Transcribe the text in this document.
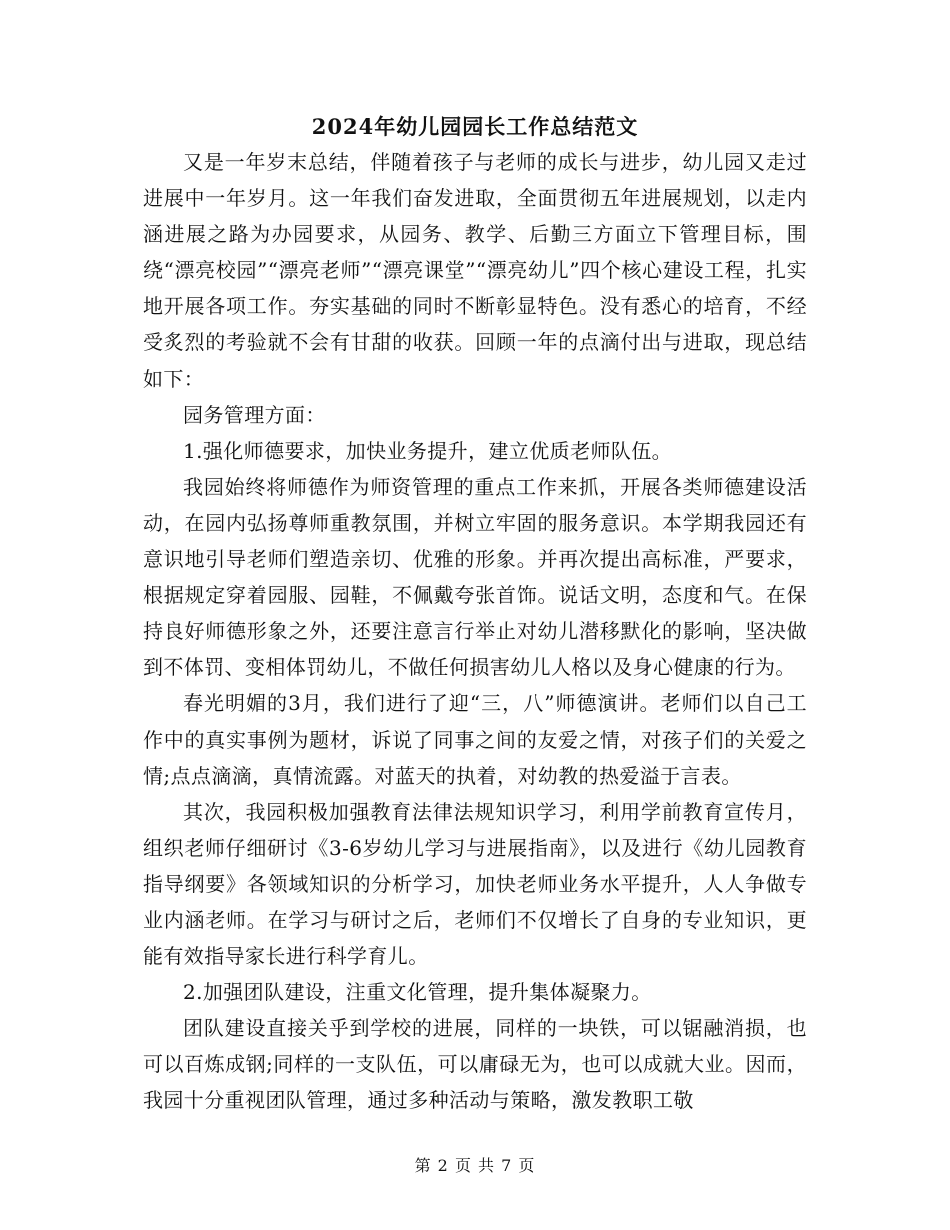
2024年幼儿园园长工作总结范文

又是一年岁末总结，伴随着孩子与老师的成长与进步，幼儿园又走过进展中一年岁月。这一年我们奋发进取，全面贯彻五年进展规划，以走内涵进展之路为办园要求，从园务、教学、后勤三方面立下管理目标，围绕“漂亮校园”“漂亮老师”“漂亮课堂”“漂亮幼儿”四个核心建设工程，扎实地开展各项工作。夯实基础的同时不断彰显特色。没有悉心的培育，不经受炙烈的考验就不会有甘甜的收获。回顾一年的点滴付出与进取，现总结如下：

园务管理方面：

1.强化师德要求，加快业务提升，建立优质老师队伍。

我园始终将师德作为师资管理的重点工作来抓，开展各类师德建设活动，在园内弘扬尊师重教氛围，并树立牢固的服务意识。本学期我园还有意识地引导老师们塑造亲切、优雅的形象。并再次提出高标准，严要求，根据规定穿着园服、园鞋，不佩戴夸张首饰。说话文明，态度和气。在保持良好师德形象之外，还要注意言行举止对幼儿潜移默化的影响，坚决做到不体罚、变相体罚幼儿，不做任何损害幼儿人格以及身心健康的行为。

春光明媚的3月，我们进行了迎“三，八”师德演讲。老师们以自己工作中的真实事例为题材，诉说了同事之间的友爱之情，对孩子们的关爱之情;点点滴滴，真情流露。对蓝天的执着，对幼教的热爱溢于言表。

其次，我园积极加强教育法律法规知识学习，利用学前教育宣传月，组织老师仔细研讨《3-6岁幼儿学习与进展指南》，以及进行《幼儿园教育指导纲要》各领域知识的分析学习，加快老师业务水平提升，人人争做专业内涵老师。在学习与研讨之后，老师们不仅增长了自身的专业知识，更能有效指导家长进行科学育儿。

2.加强团队建设，注重文化管理，提升集体凝聚力。

团队建设直接关乎到学校的进展，同样的一块铁，可以锯融消损，也可以百炼成钢;同样的一支队伍，可以庸碌无为，也可以成就大业。因而，我园十分重视团队管理，通过多种活动与策略，激发教职工敬

第 2 页 共 7 页
